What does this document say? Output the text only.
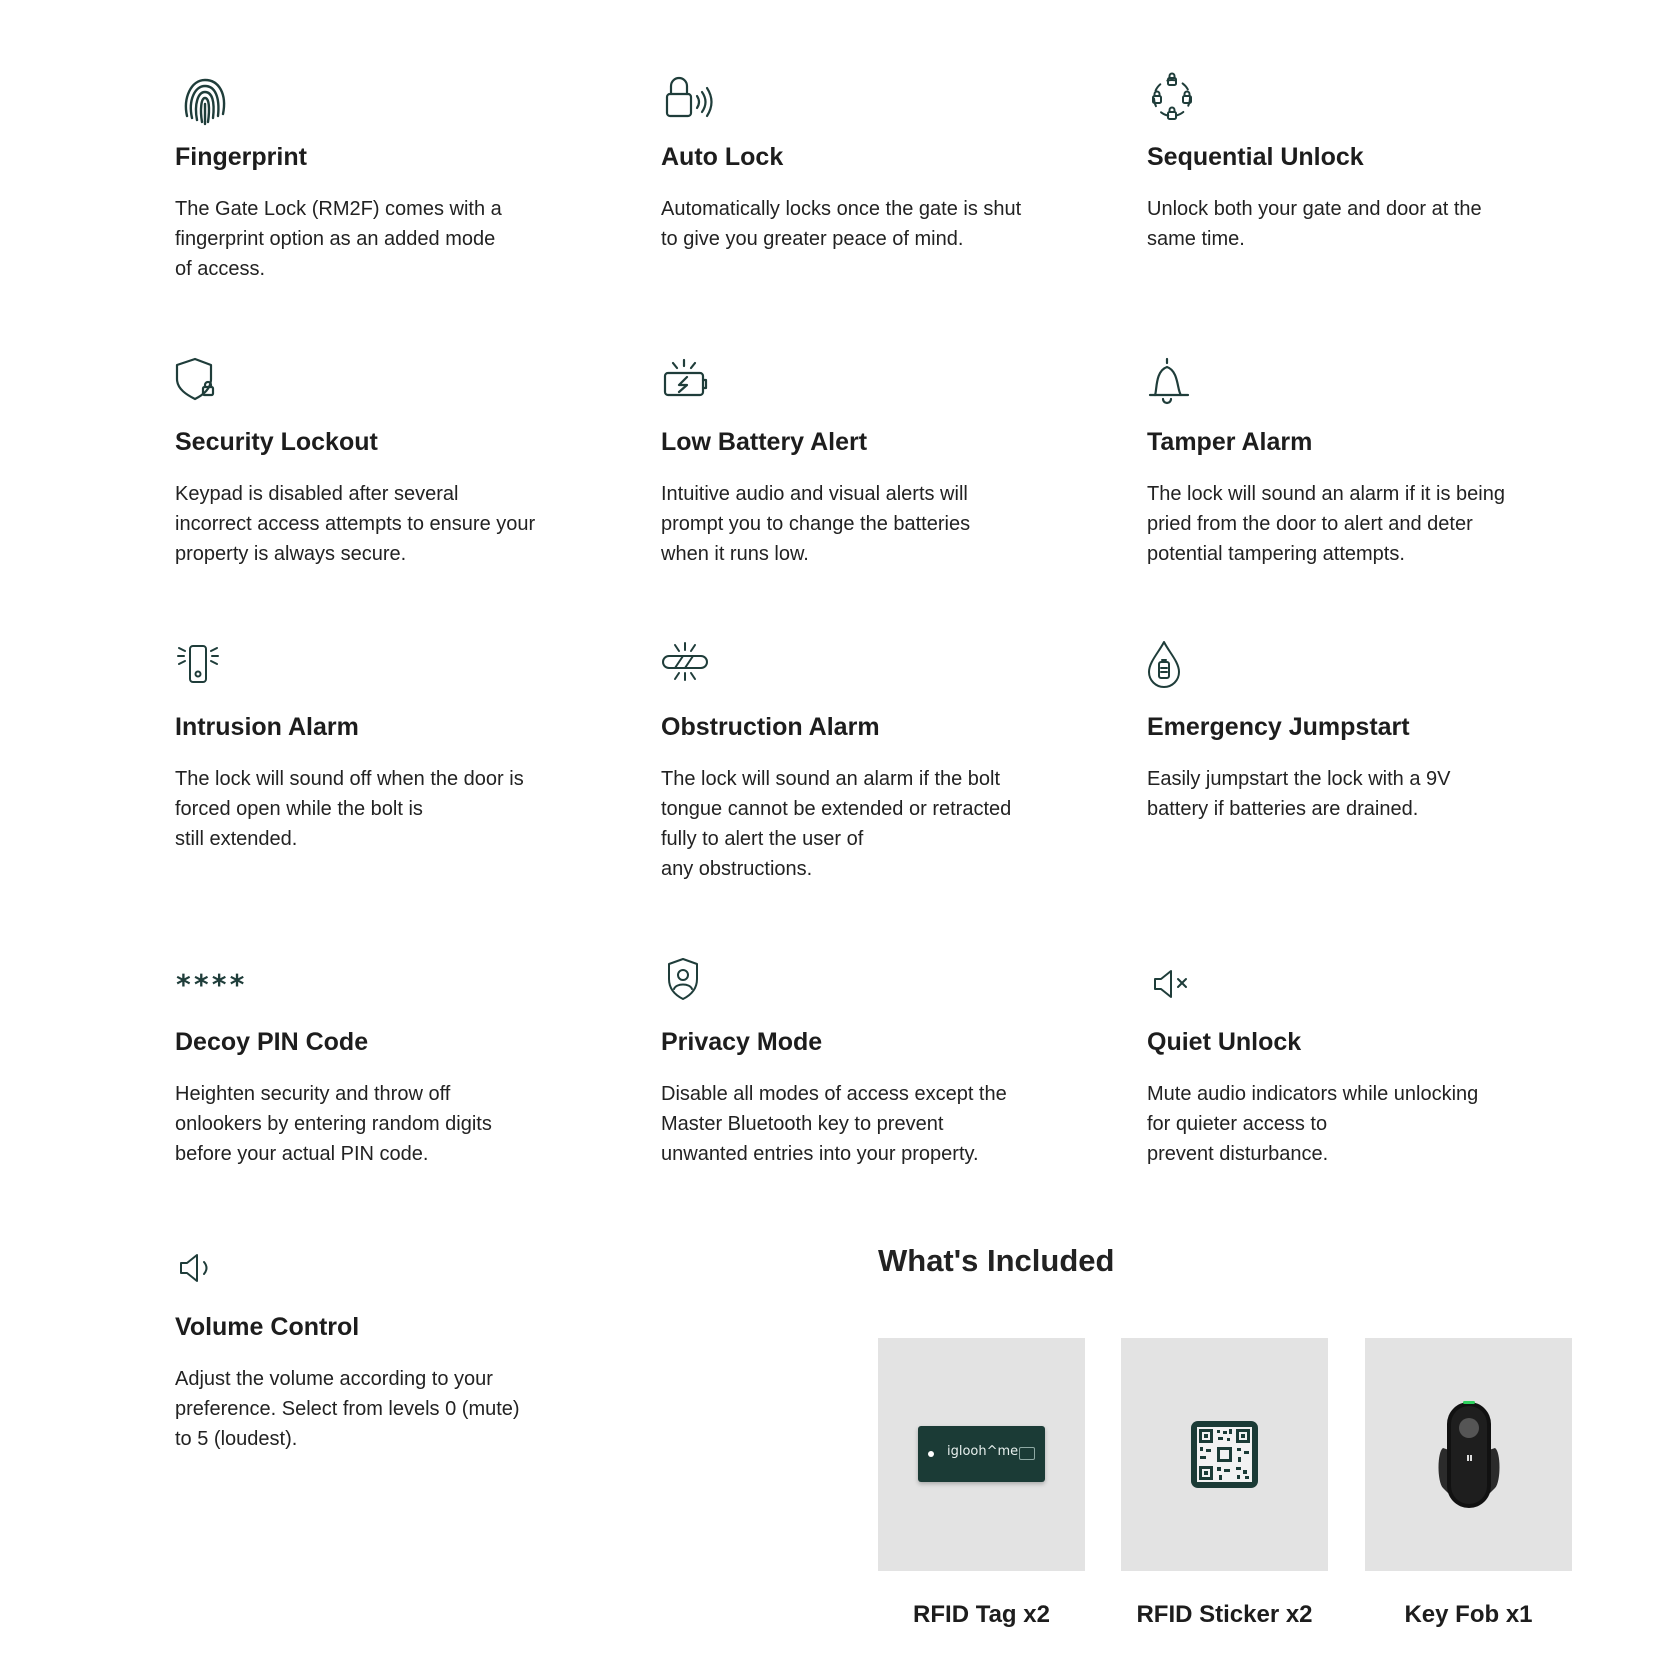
Fingerprint
The Gate Lock (RM2F) comes with a
fingerprint option as an added mode
of access.
Auto Lock
Automatically locks once the gate is shut
to give you greater peace of mind.
Sequential Unlock
Unlock both your gate and door at the
same time.
Security Lockout
Keypad is disabled after several
incorrect access attempts to ensure your
property is always secure.
Low Battery Alert
Intuitive audio and visual alerts will
prompt you to change the batteries
when it runs low.
Tamper Alarm
The lock will sound an alarm if it is being
pried from the door to alert and deter
potential tampering attempts.
Intrusion Alarm
The lock will sound off when the door is
forced open while the bolt is
still extended.
Obstruction Alarm
The lock will sound an alarm if the bolt
tongue cannot be extended or retracted
fully to alert the user of
any obstructions.
Emergency Jumpstart
Easily jumpstart the lock with a 9V
battery if batteries are drained.
****
Decoy PIN Code
Heighten security and throw off
onlookers by entering random digits
before your actual PIN code.
Privacy Mode
Disable all modes of access except the
Master Bluetooth key to prevent
unwanted entries into your property.
Quiet Unlock
Mute audio indicators while unlocking
for quieter access to
prevent disturbance.
Volume Control
Adjust the volume according to your
preference. Select from levels 0 (mute)
to 5 (loudest).
What's Included
iglooh^me
RFID Tag x2	RFID Sticker x2	Key Fob x1
